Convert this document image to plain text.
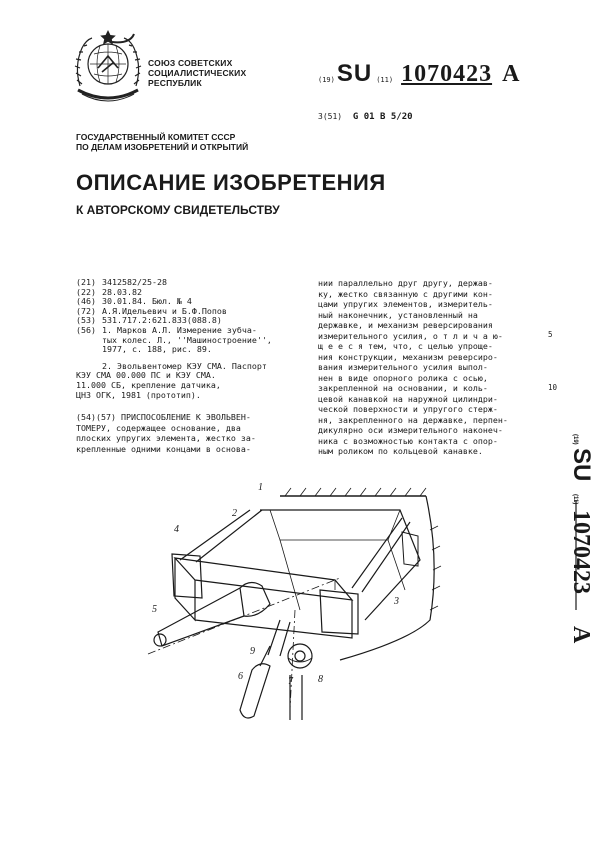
СОЮЗ СОВЕТСКИХ
СОЦИАЛИСТИЧЕСКИХ
РЕСПУБЛИК	(19) SU (11) 1070423 A
3(51) G 01 B 5/20
ГОСУДАРСТВЕННЫЙ КОМИТЕТ СССР
ПО ДЕЛАМ ИЗОБРЕТЕНИЙ И ОТКРЫТИЙ
ОПИСАНИЕ ИЗОБРЕТЕНИЯ
К АВТОРСКОМУ СВИДЕТЕЛЬСТВУ
(21) 3412582/25-28
(22) 28.03.82
(46) 30.01.84. Бюл. № 4
(72) А.Я.Идельевич и Б.Ф.Попов
(53) 531.717.2:621.833(088.8)
(56) 1. Марков А.Л. Измерение зубча-
тых колес. Л., ''Машиностроение'',
1977, с. 188, рис. 89.
2. Эвольвентомер КЭУ СМА. Паспорт
КЭУ СМА 00.000 ПС и КЭУ СМА.
11.000 СБ, крепление датчика,
ЦНЗ ОГК, 1981 (прототип).
(54)(57) ПРИСПОСОБЛЕНИЕ К ЭВОЛЬВЕН-
ТОМЕРУ, содержащее основание, два
плоских упругих элемента, жестко за-
крепленные одними концами в основа-
нии параллельно друг другу, держав-
ку, жестко связанную с другими кон-
цами упругих элементов, измеритель-
ный наконечник, установленный на
державке, и механизм реверсирования
измерительного усилия, о т л и ч а ю-
щ е е с я тем, что, с целью упроще-
ния конструкции, механизм реверсиро-
вания измерительного усилия выпол-
нен в виде опорного ролика с осью,
закрепленной на основании, и коль-
цевой канавкой на наружной цилиндри-
ческой поверхности и упругого стерж-
ня, закрепленного на державке, перпен-
дикулярно оси измерительного наконеч-
ника с возможностью контакта с опор-
ным роликом по кольцевой канавке.
5
10
(19)
SU
(11)
1070423
A
1
2
3
4
5
6	7	8
9
